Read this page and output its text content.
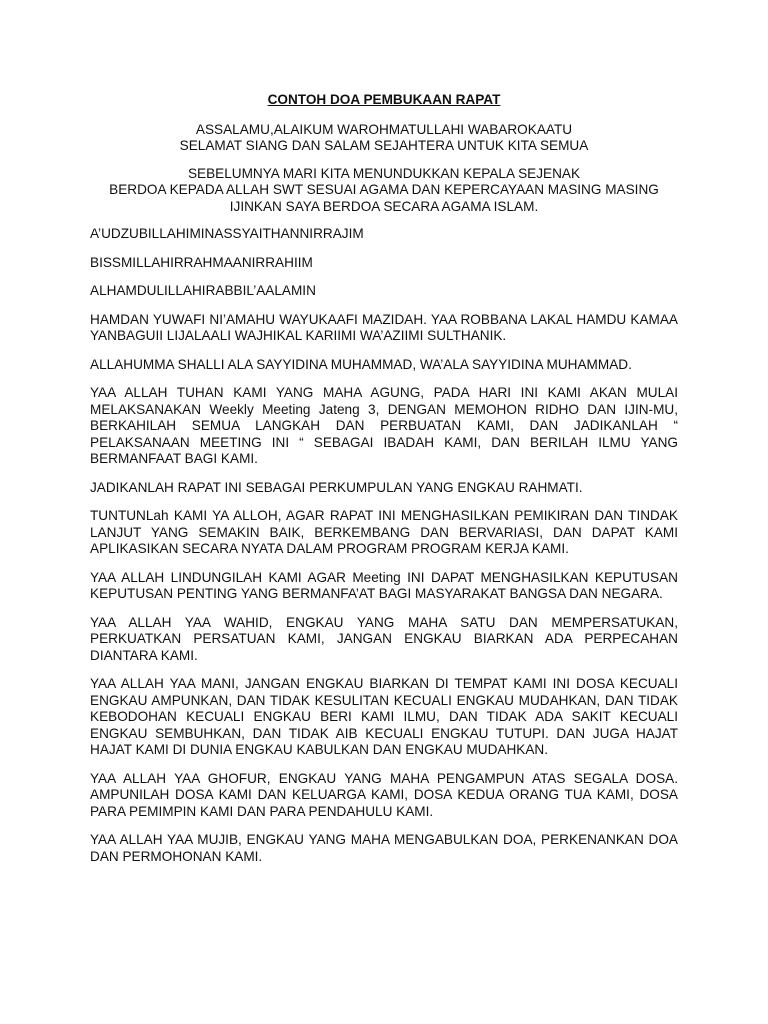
CONTOH DOA PEMBUKAAN RAPAT
ASSALAMU,ALAIKUM WAROHMATULLAHI WABAROKAATU
SELAMAT SIANG DAN SALAM SEJAHTERA UNTUK KITA SEMUA
SEBELUMNYA MARI KITA MENUNDUKKAN KEPALA SEJENAK
BERDOA KEPADA ALLAH SWT SESUAI AGAMA DAN KEPERCAYAAN MASING MASING
IJINKAN SAYA BERDOA SECARA AGAMA ISLAM.

A’UDZUBILLAHIMINASSYAITHANNIRRAJIM

BISSMILLAHIRRAHMAANIRRAHIIM

ALHAMDULILLAHIRABBIL’AALAMIN

HAMDAN YUWAFI NI’AMAHU WAYUKAAFI MAZIDAH. YAA ROBBANA LAKAL HAMDU KAMAA YANBAGUII LIJALAALI WAJHIKAL KARIIMI WA’AZIIMI SULTHANIK.

ALLAHUMMA SHALLI ALA SAYYIDINA MUHAMMAD, WA’ALA SAYYIDINA MUHAMMAD.

YAA ALLAH TUHAN KAMI YANG MAHA AGUNG, PADA HARI INI KAMI AKAN MULAI MELAKSANAKAN Weekly Meeting Jateng 3, DENGAN MEMOHON RIDHO DAN IJIN-MU, BERKAHILAH SEMUA LANGKAH DAN PERBUATAN KAMI, DAN JADIKANLAH “ PELAKSANAAN MEETING INI “ SEBAGAI IBADAH KAMI, DAN BERILAH ILMU YANG BERMANFAAT BAGI KAMI.

JADIKANLAH RAPAT INI SEBAGAI PERKUMPULAN YANG ENGKAU RAHMATI.

TUNTUNLah KAMI YA ALLOH, AGAR RAPAT INI MENGHASILKAN PEMIKIRAN DAN TINDAK LANJUT YANG SEMAKIN BAIK, BERKEMBANG DAN BERVARIASI, DAN DAPAT KAMI APLIKASIKAN SECARA NYATA DALAM PROGRAM PROGRAM KERJA KAMI.

YAA ALLAH LINDUNGILAH KAMI AGAR Meeting INI DAPAT MENGHASILKAN KEPUTUSAN KEPUTUSAN PENTING YANG BERMANFA’AT BAGI MASYARAKAT BANGSA DAN NEGARA.

YAA ALLAH YAA WAHID, ENGKAU YANG MAHA SATU DAN MEMPERSATUKAN, PERKUATKAN PERSATUAN KAMI, JANGAN ENGKAU BIARKAN ADA PERPECAHAN DIANTARA KAMI.

YAA ALLAH YAA MANI, JANGAN ENGKAU BIARKAN DI TEMPAT KAMI INI DOSA KECUALI ENGKAU AMPUNKAN, DAN TIDAK KESULITAN KECUALI ENGKAU MUDAHKAN, DAN TIDAK KEBODOHAN KECUALI ENGKAU BERI KAMI ILMU, DAN TIDAK ADA SAKIT KECUALI ENGKAU SEMBUHKAN, DAN TIDAK AIB KECUALI ENGKAU TUTUPI. DAN JUGA HAJAT HAJAT KAMI DI DUNIA ENGKAU KABULKAN DAN ENGKAU MUDAHKAN.

YAA ALLAH YAA GHOFUR, ENGKAU YANG MAHA PENGAMPUN ATAS SEGALA DOSA. AMPUNILAH DOSA KAMI DAN KELUARGA KAMI, DOSA KEDUA ORANG TUA KAMI, DOSA PARA PEMIMPIN KAMI DAN PARA PENDAHULU KAMI.

YAA ALLAH YAA MUJIB, ENGKAU YANG MAHA MENGABULKAN DOA, PERKENANKAN DOA DAN PERMOHONAN KAMI.
